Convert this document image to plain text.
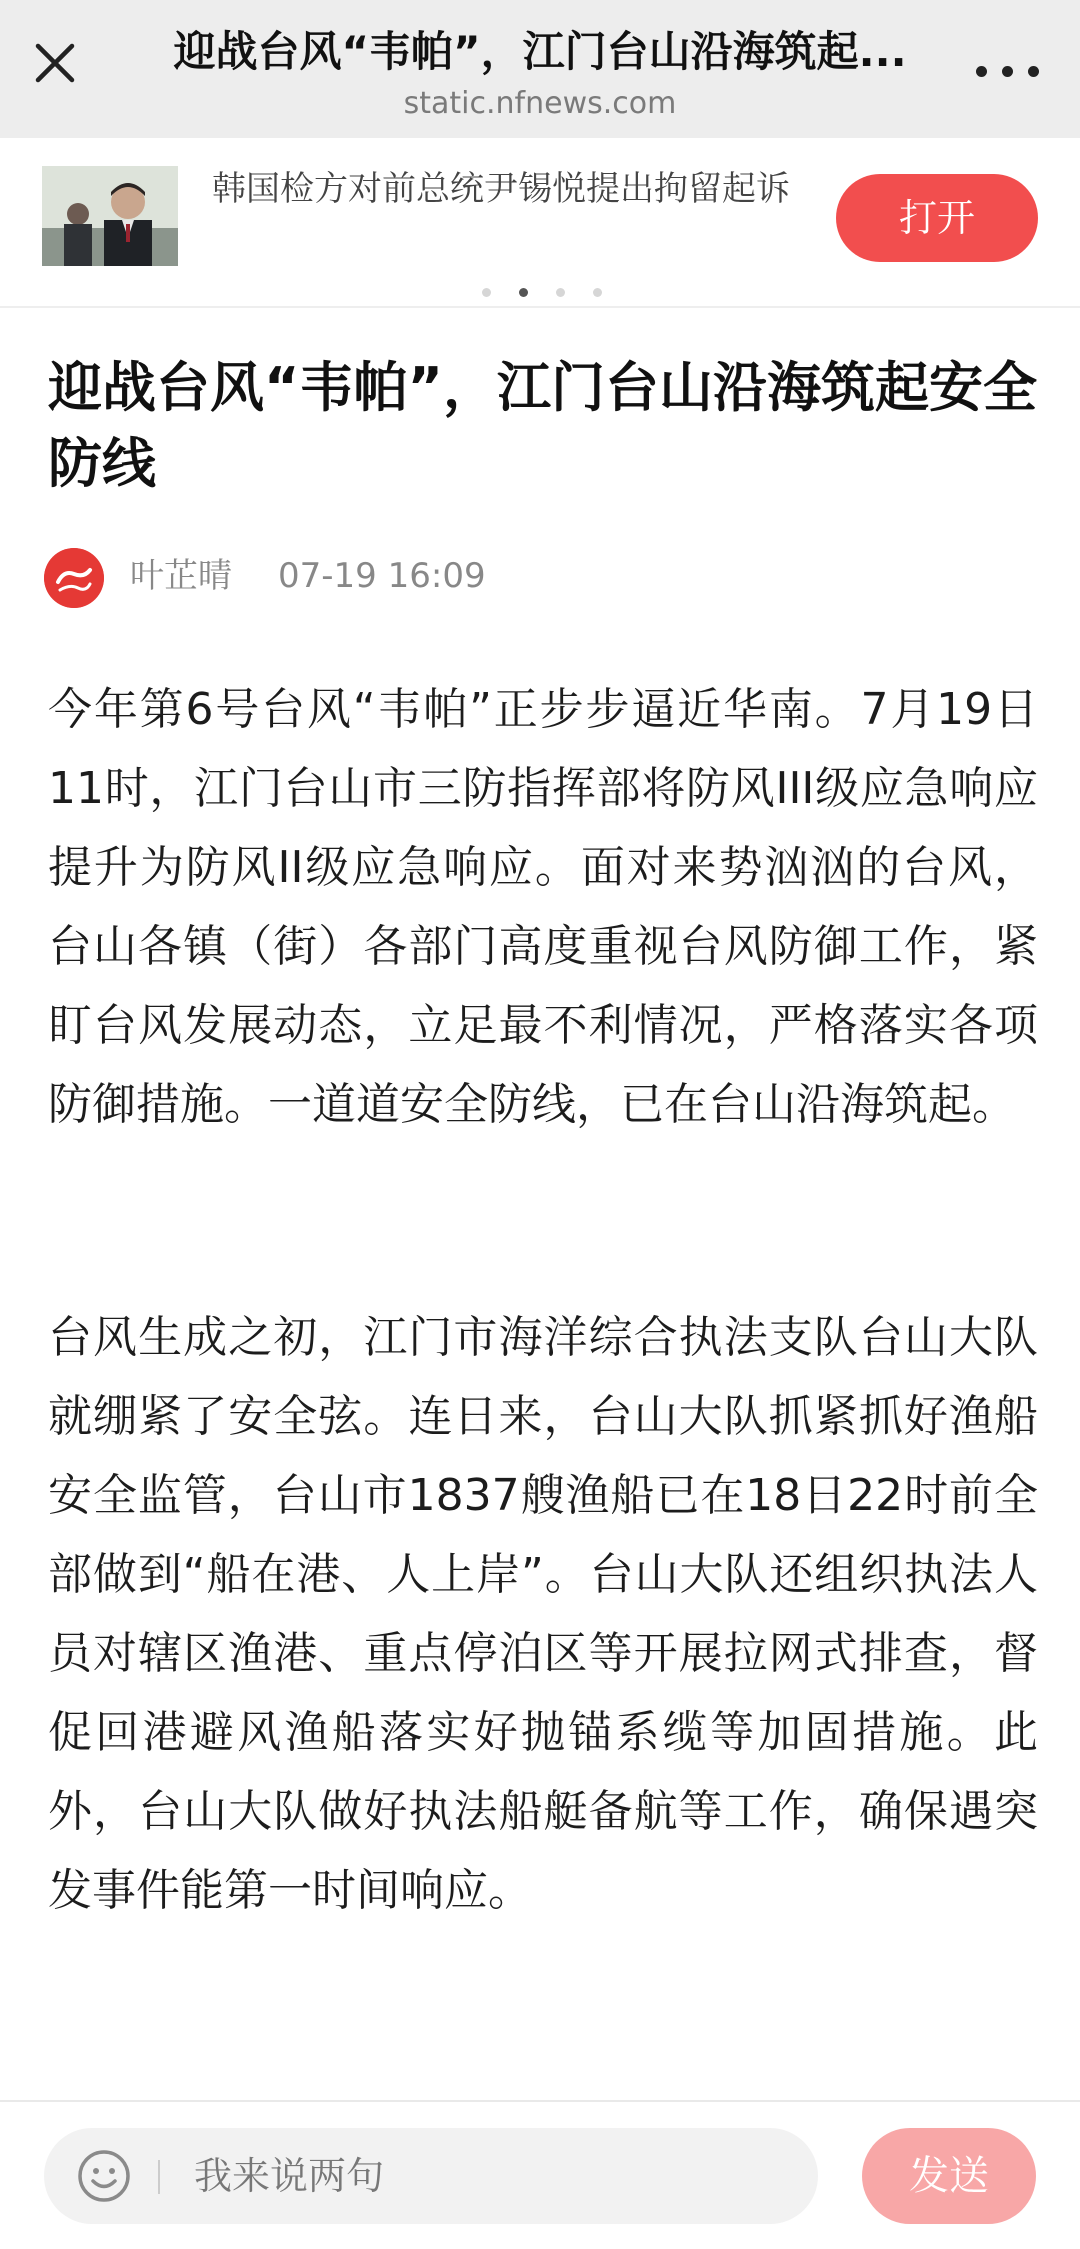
迎战台风“韦帕”，江门台山沿海筑起...
static.nfnews.com
韩国检方对前总统尹锡悦提出拘留起诉
打开
迎战台风“韦帕”，江门台山沿海筑起安全防线
叶芷晴 07-19 16:09

今年第6号台风“韦帕”正步步逼近华南。7月19日11时，江门台山市三防指挥部将防风III级应急响应提升为防风II级应急响应。面对来势汹汹的台风，台山各镇（街）各部门高度重视台风防御工作，紧盯台风发展动态，立足最不利情况，严格落实各项防御措施。一道道安全防线，已在台山沿海筑起。

台风生成之初，江门市海洋综合执法支队台山大队就绷紧了安全弦。连日来，台山大队抓紧抓好渔船安全监管，台山市1837艘渔船已在18日22时前全部做到“船在港、人上岸”。台山大队还组织执法人员对辖区渔港、重点停泊区等开展拉网式排查，督促回港避风渔船落实好抛锚系缆等加固措施。此外，台山大队做好执法船艇备航等工作，确保遇突发事件能第一时间响应。

我来说两句	发送
